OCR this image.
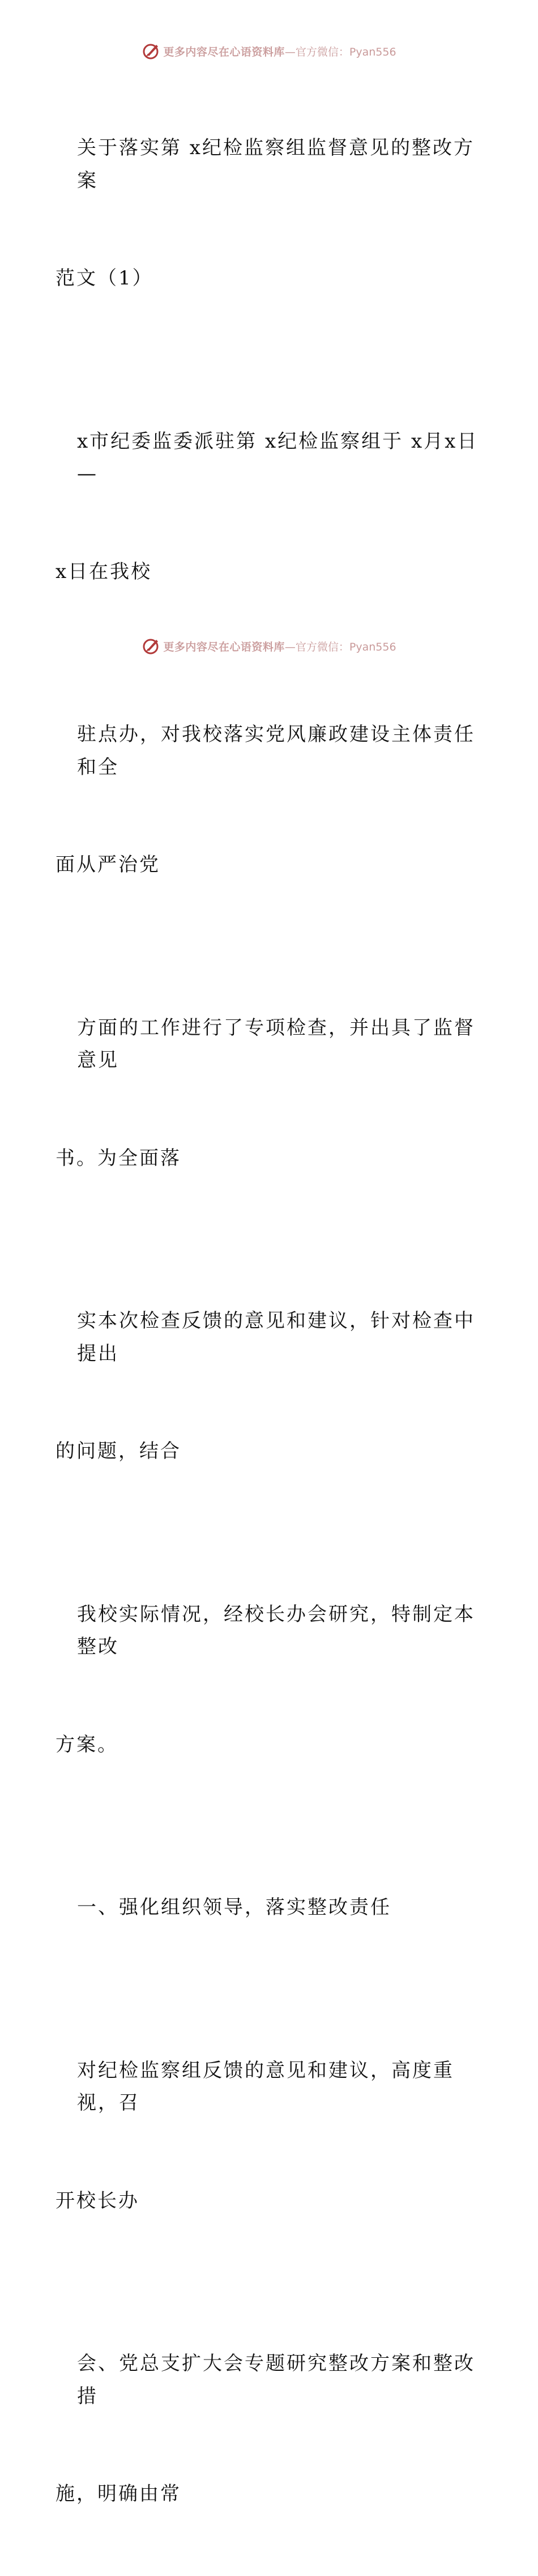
更多内容尽在心语资料库 —官方微信：Pyan556

关于落实第 x纪检监察组监督意见的整改方案

范文（1）

x市纪委监委派驻第 x纪检监察组于 x月x日—

x日在我校

驻点办，对我校落实党风廉政建设主体责任和全

面从严治党

方面的工作进行了专项检查，并出具了监督意见

书。为全面落

实本次检查反馈的意见和建议，针对检查中提出

的问题，结合

我校实际情况，经校长办会研究，特制定本整改

方案。

一、强化组织领导，落实整改责任

对纪检监察组反馈的意见和建议，高度重视，召

开校长办

会、党总支扩大会专题研究整改方案和整改措

施，明确由常

更多内容尽在心语资料库 —官方微信：Pyan556
